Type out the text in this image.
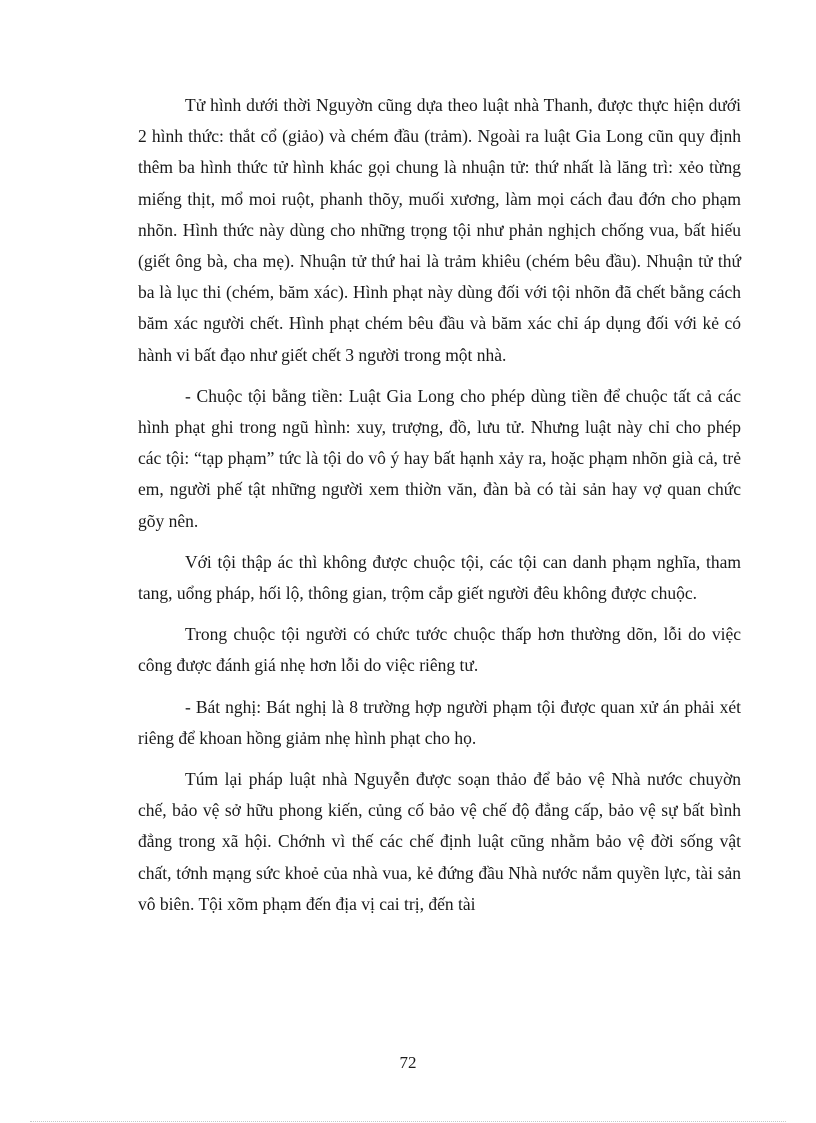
Tử hình dưới thời Nguyờn cũng dựa theo luật nhà Thanh, được thực hiện dưới 2 hình thức: thắt cổ (giảo) và chém đầu (trảm). Ngoài ra luật Gia Long cũn quy định thêm ba hình thức tử hình khác gọi chung là nhuận tử: thứ nhất là lăng trì: xẻo từng miếng thịt, mổ moi ruột, phanh thõy, muối xương, làm mọi cách đau đớn cho phạm nhõn. Hình thức này dùng cho những trọng tội như phản nghịch chống vua, bất hiếu (giết ông bà, cha mẹ). Nhuận tử thứ hai là trảm khiêu (chém bêu đầu). Nhuận tử thứ ba là lục thi (chém, băm xác). Hình phạt này dùng đối với tội nhõn đã chết bằng cách băm xác người chết. Hình phạt chém bêu đầu và băm xác chỉ áp dụng đối với kẻ có hành vi bất đạo như giết chết 3 người trong một nhà.

- Chuộc tội bằng tiền: Luật Gia Long cho phép dùng tiền để chuộc tất cả các hình phạt ghi trong ngũ hình: xuy, trượng, đồ, lưu tử. Nhưng luật này chỉ cho phép các tội: “tạp phạm” tức là tội do vô ý hay bất hạnh xảy ra, hoặc phạm nhõn già cả, trẻ em, người phế tật những người xem thiờn văn, đàn bà có tài sản hay vợ quan chức gõy nên.

Với tội thập ác thì không được chuộc tội, các tội can danh phạm nghĩa, tham tang, uổng pháp, hối lộ, thông gian, trộm cắp giết người đêu không được chuộc.

Trong chuộc tội người có chức tước chuộc thấp hơn thường dõn, lỗi do việc công được đánh giá nhẹ hơn lỗi do việc riêng tư.

- Bát nghị: Bát nghị là 8 trường hợp người phạm tội được quan xử án phải xét riêng để khoan hồng giảm nhẹ hình phạt cho họ.

Túm lại pháp luật nhà Nguyễn được soạn thảo để bảo vệ Nhà nước chuyờn chế, bảo vệ sở hữu phong kiến, củng cố bảo vệ chế độ đẳng cấp, bảo vệ sự bất bình đẳng trong xã hội. Chớnh vì thế các chế định luật cũng nhằm bảo vệ đời sống vật chất, tớnh mạng sức khoẻ của nhà vua, kẻ đứng đầu Nhà nước nắm quyền lực, tài sản vô biên. Tội xõm phạm đến địa vị cai trị, đến tài

72
